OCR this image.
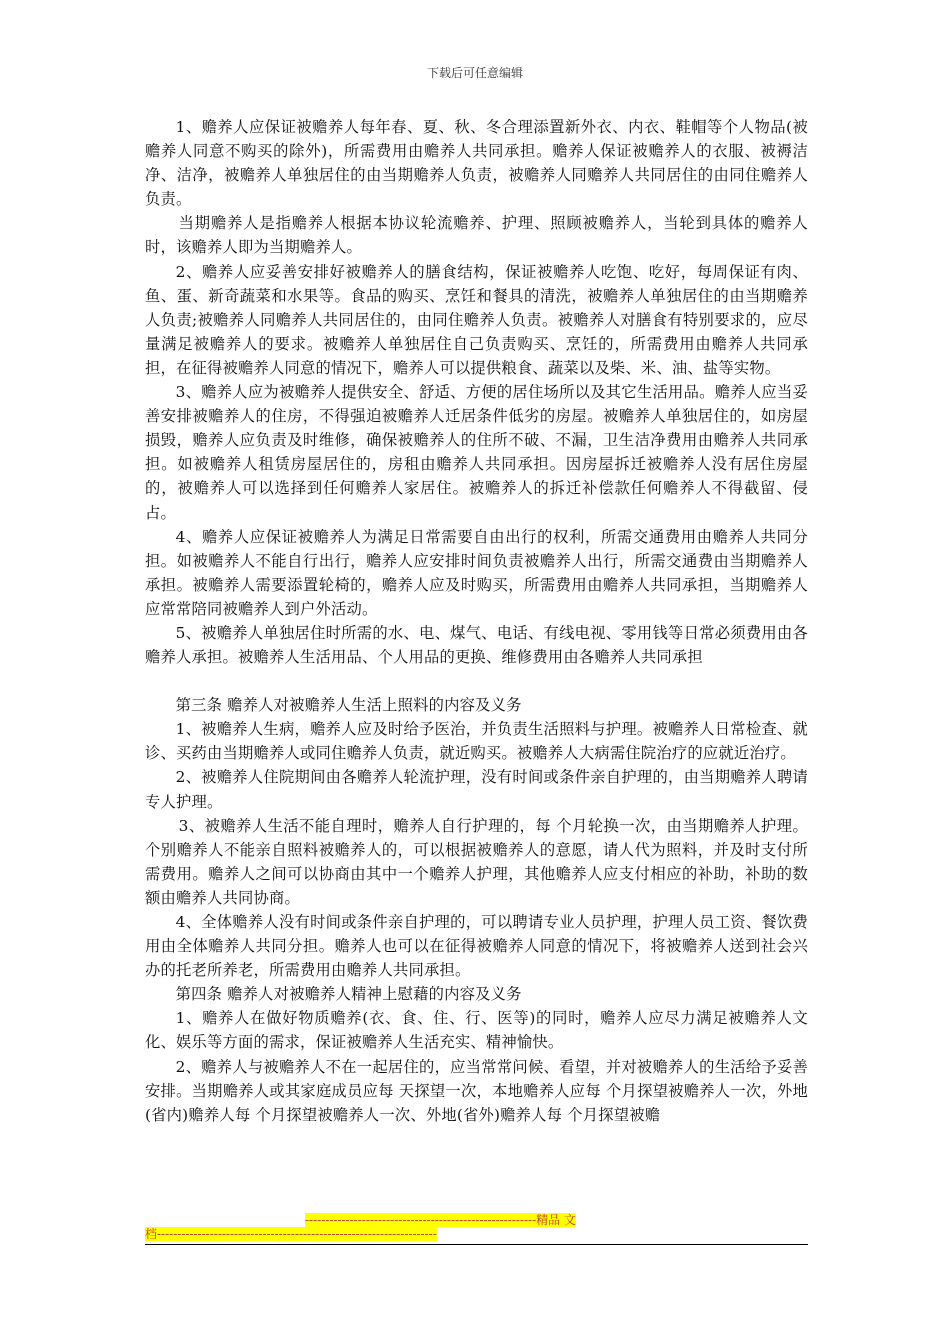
下载后可任意编辑

1、赡养人应保证被赡养人每年春、夏、秋、冬合理添置新外衣、内衣、鞋帽等个人物品(被赡养人同意不购买的除外)，所需费用由赡养人共同承担。赡养人保证被赡养人的衣服、被褥洁净、洁净，被赡养人单独居住的由当期赡养人负责，被赡养人同赡养人共同居住的由同住赡养人负责。

当期赡养人是指赡养人根据本协议轮流赡养、护理、照顾被赡养人，当轮到具体的赡养人时，该赡养人即为当期赡养人。

2、赡养人应妥善安排好被赡养人的膳食结构，保证被赡养人吃饱、吃好，每周保证有肉、鱼、蛋、新奇蔬菜和水果等。食品的购买、烹饪和餐具的清洗，被赡养人单独居住的由当期赡养人负责;被赡养人同赡养人共同居住的，由同住赡养人负责。被赡养人对膳食有特别要求的，应尽量满足被赡养人的要求。被赡养人单独居住自己负责购买、烹饪的，所需费用由赡养人共同承担，在征得被赡养人同意的情况下，赡养人可以提供粮食、蔬菜以及柴、米、油、盐等实物。

3、赡养人应为被赡养人提供安全、舒适、方便的居住场所以及其它生活用品。赡养人应当妥善安排被赡养人的住房，不得强迫被赡养人迁居条件低劣的房屋。被赡养人单独居住的，如房屋损毁，赡养人应负责及时维修，确保被赡养人的住所不破、不漏，卫生洁净费用由赡养人共同承担。如被赡养人租赁房屋居住的，房租由赡养人共同承担。因房屋拆迁被赡养人没有居住房屋的，被赡养人可以选择到任何赡养人家居住。被赡养人的拆迁补偿款任何赡养人不得截留、侵占。

4、赡养人应保证被赡养人为满足日常需要自由出行的权利，所需交通费用由赡养人共同分担。如被赡养人不能自行出行，赡养人应安排时间负责被赡养人出行，所需交通费由当期赡养人承担。被赡养人需要添置轮椅的，赡养人应及时购买，所需费用由赡养人共同承担，当期赡养人应常常陪同被赡养人到户外活动。

5、被赡养人单独居住时所需的水、电、煤气、电话、有线电视、零用钱等日常必须费用由各赡养人承担。被赡养人生活用品、个人用品的更换、维修费用由各赡养人共同承担

第三条 赡养人对被赡养人生活上照料的内容及义务

1、被赡养人生病，赡养人应及时给予医治，并负责生活照料与护理。被赡养人日常检查、就诊、买药由当期赡养人或同住赡养人负责，就近购买。被赡养人大病需住院治疗的应就近治疗。

2、被赡养人住院期间由各赡养人轮流护理，没有时间或条件亲自护理的，由当期赡养人聘请专人护理。

3、被赡养人生活不能自理时，赡养人自行护理的，每 个月轮换一次，由当期赡养人护理。个别赡养人不能亲自照料被赡养人的，可以根据被赡养人的意愿，请人代为照料，并及时支付所需费用。赡养人之间可以协商由其中一个赡养人护理，其他赡养人应支付相应的补助，补助的数额由赡养人共同协商。

4、全体赡养人没有时间或条件亲自护理的，可以聘请专业人员护理，护理人员工资、餐饮费用由全体赡养人共同分担。赡养人也可以在征得被赡养人同意的情况下，将被赡养人送到社会兴办的托老所养老，所需费用由赡养人共同承担。

第四条 赡养人对被赡养人精神上慰藉的内容及义务

1、赡养人在做好物质赡养(衣、食、住、行、医等)的同时，赡养人应尽力满足被赡养人文化、娱乐等方面的需求，保证被赡养人生活充实、精神愉快。

2、赡养人与被赡养人不在一起居住的，应当常常问候、看望，并对被赡养人的生活给予妥善安排。当期赡养人或其家庭成员应每 天探望一次，本地赡养人应每 个月探望被赡养人一次，外地(省内)赡养人每 个月探望被赡养人一次、外地(省外)赡养人每 个月探望被赡

---------------------------------------------------------精品 文
档---------------------------------------------------------------------
